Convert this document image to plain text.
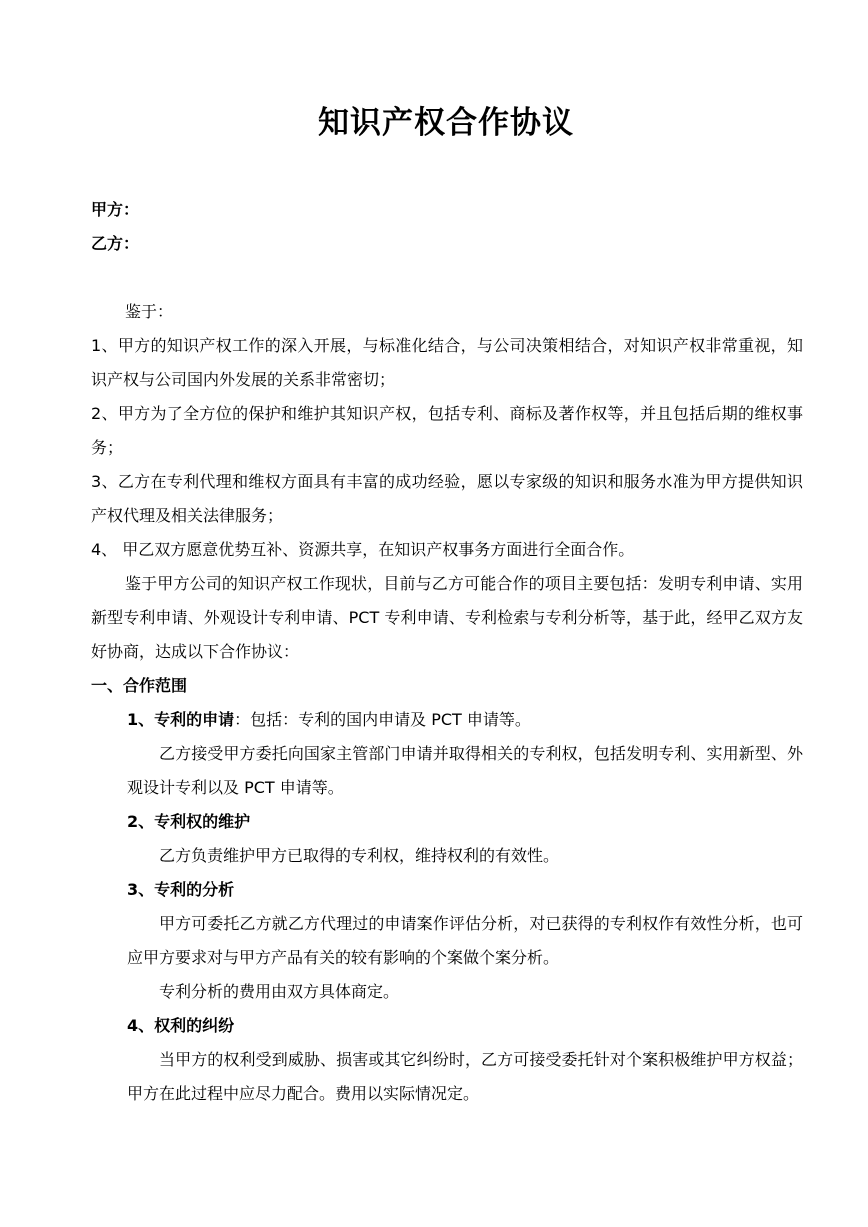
知识产权合作协议
甲方：
乙方：

鉴于：

1、甲方的知识产权工作的深入开展，与标准化结合，与公司决策相结合，对知识产权非常重视，知识产权与公司国内外发展的关系非常密切；

2、甲方为了全方位的保护和维护其知识产权，包括专利、商标及著作权等，并且包括后期的维权事务；

3、乙方在专利代理和维权方面具有丰富的成功经验，愿以专家级的知识和服务水准为甲方提供知识产权代理及相关法律服务；

4、 甲乙双方愿意优势互补、资源共享，在知识产权事务方面进行全面合作。

鉴于甲方公司的知识产权工作现状，目前与乙方可能合作的项目主要包括：发明专利申请、实用新型专利申请、外观设计专利申请、PCT 专利申请、专利检索与专利分析等，基于此，经甲乙双方友好协商，达成以下合作协议：

一、合作范围

1、专利的申请：包括：专利的国内申请及 PCT 申请等。

乙方接受甲方委托向国家主管部门申请并取得相关的专利权，包括发明专利、实用新型、外观设计专利以及 PCT 申请等。

2、专利权的维护

乙方负责维护甲方已取得的专利权，维持权利的有效性。

3、专利的分析

甲方可委托乙方就乙方代理过的申请案作评估分析，对已获得的专利权作有效性分析，也可应甲方要求对与甲方产品有关的较有影响的个案做个案分析。

专利分析的费用由双方具体商定。

4、权利的纠纷

当甲方的权利受到威胁、损害或其它纠纷时，乙方可接受委托针对个案积极维护甲方权益；甲方在此过程中应尽力配合。费用以实际情况定。
